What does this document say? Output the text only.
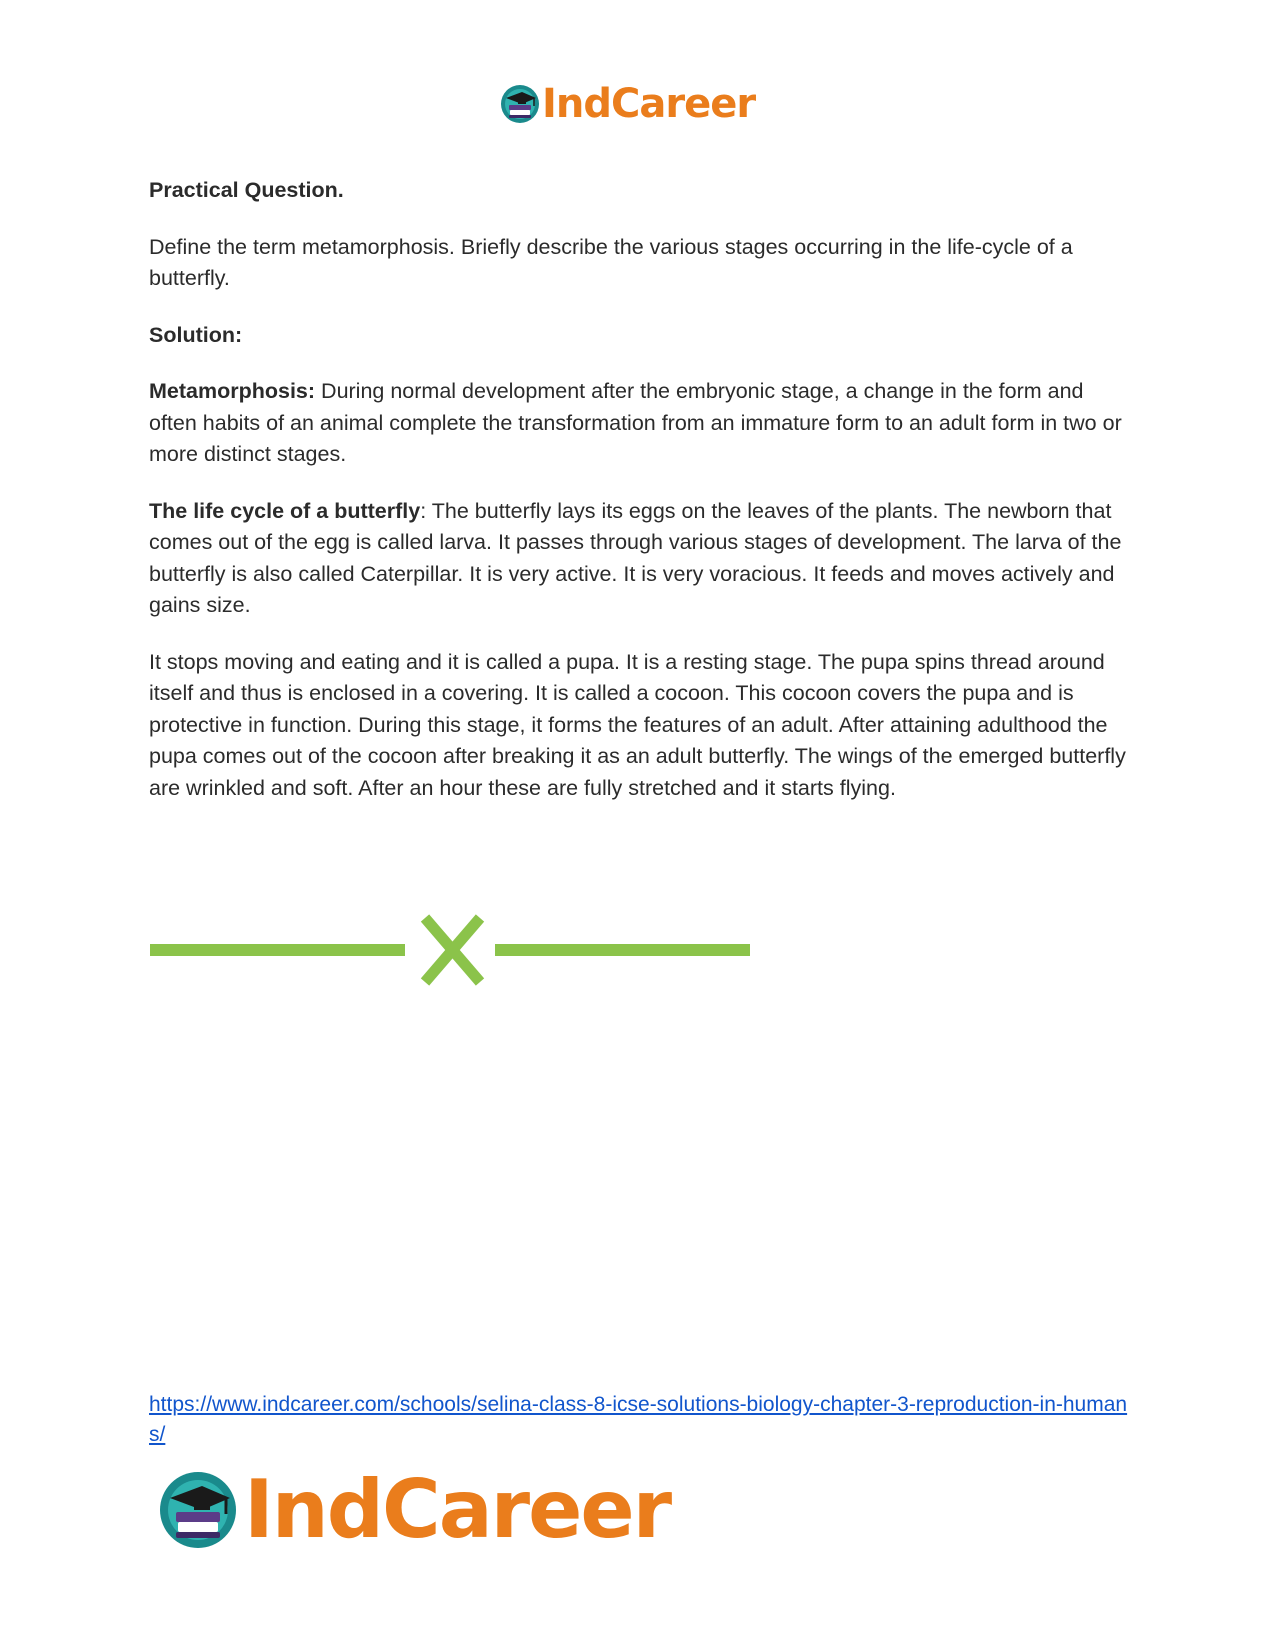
IndCareer

Practical Question.

Define the term metamorphosis. Briefly describe the various stages occurring in the life-cycle of a butterfly.

Solution:

Metamorphosis: During normal development after the embryonic stage, a change in the form and often habits of an animal complete the transformation from an immature form to an adult form in two or more distinct stages.

The life cycle of a butterfly: The butterfly lays its eggs on the leaves of the plants. The newborn that comes out of the egg is called larva. It passes through various stages of development. The larva of the butterfly is also called Caterpillar. It is very active. It is very voracious. It feeds and moves actively and gains size.

It stops moving and eating and it is called a pupa. It is a resting stage. The pupa spins thread around itself and thus is enclosed in a covering. It is called a cocoon. This cocoon covers the pupa and is protective in function. During this stage, it forms the features of an adult. After attaining adulthood the pupa comes out of the cocoon after breaking it as an adult butterfly. The wings of the emerged butterfly are wrinkled and soft. After an hour these are fully stretched and it starts flying.

https://www.indcareer.com/schools/selina-class-8-icse-solutions-biology-chapter-3-reproduction-in-humans/
IndCareer
